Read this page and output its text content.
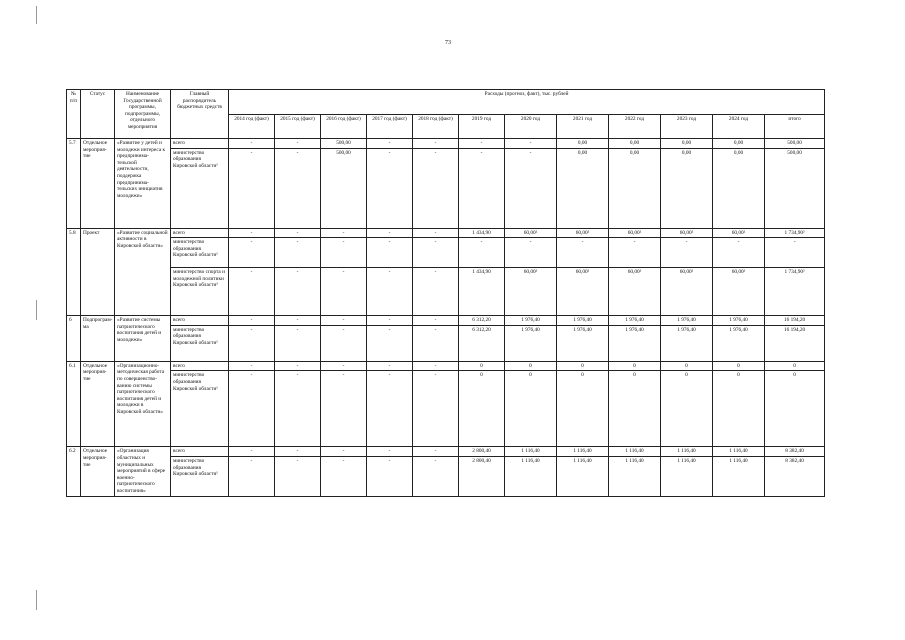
73
№ п/п	Статус	Наименование Государственной программы, подпрограммы, отдельного мероприятия	Главный распорядитель бюджетных средств	Расходы (прогноз, факт), тыс. рублей											
				2014 год (факт)	2015 год (факт)	2016 год (факт)	2017 год (факт)	2018 год (факт)	2019 год	2020 год	2021 год	2022 год	2023 год	2024 год	итого
5.7	Отдельное мероприя-тие	«Развитие у детей и молодежи интереса к предпринима-тельской деятельности, поддержка предпринима-тельских инициатив молодежи»	всего	-	-	500,00	-	-	-	-	0,00	0,00	0,00	0,00	500,00
			министерство образования Кировской области¹	-	-	500,00	-	-	-	-	0,00	0,00	0,00	0,00	500,00
5.8	Проект	«Развитие социальной активности в Кировской области»	всего	-	-	-	-	-	1 434,90	60,00²	60,00²	60,00²	60,00²	60,00²	1 734,90²
			министерство образования Кировской области¹	-	-	-	-	-	-	-	-	-	-	-	-
			министерство спорта и молодежной политики Кировской области³	-	-	-	-	-	1 434,90	60,00²	60,00²	60,00²	60,00²	60,00²	1 734,90²
6	Подпрограм-ма	«Развитие системы патриотического воспитания детей и молодежи»	всего	-	-	-	-	-	6 312,20	1 976,40	1 976,40	1 976,40	1 976,40	1 976,40	16 194,20
			министерство образования Кировской области¹	-	-	-	-	-	6 312,20	1 976,40	1 976,40	1 976,40	1 976,40	1 976,40	16 194,20
6.1	Отдельное мероприя-тие	«Организационно-методическая работа по совершенство-ванию системы патриотического воспитания детей и молодежи в Кировской области»	всего	-	-	-	-	-	0	0	0	0	0	0	0
			министерство образования Кировской области¹	-	-	-	-	-	0	0	0	0	0	0	0
6.2	Отдельное мероприя-тие	«Организация областных и муниципальных мероприятий в сфере военно-патриотического воспитания»	всего	-	-	-	-	-	2 800,40	1 116,40	1 116,40	1 116,40	1 116,40	1 116,40	8 382,40
			министерство образования Кировской области¹	-	-	-	-	-	2 800,40	1 116,40	1 116,40	1 116,40	1 116,40	1 116,40	8 382,40
